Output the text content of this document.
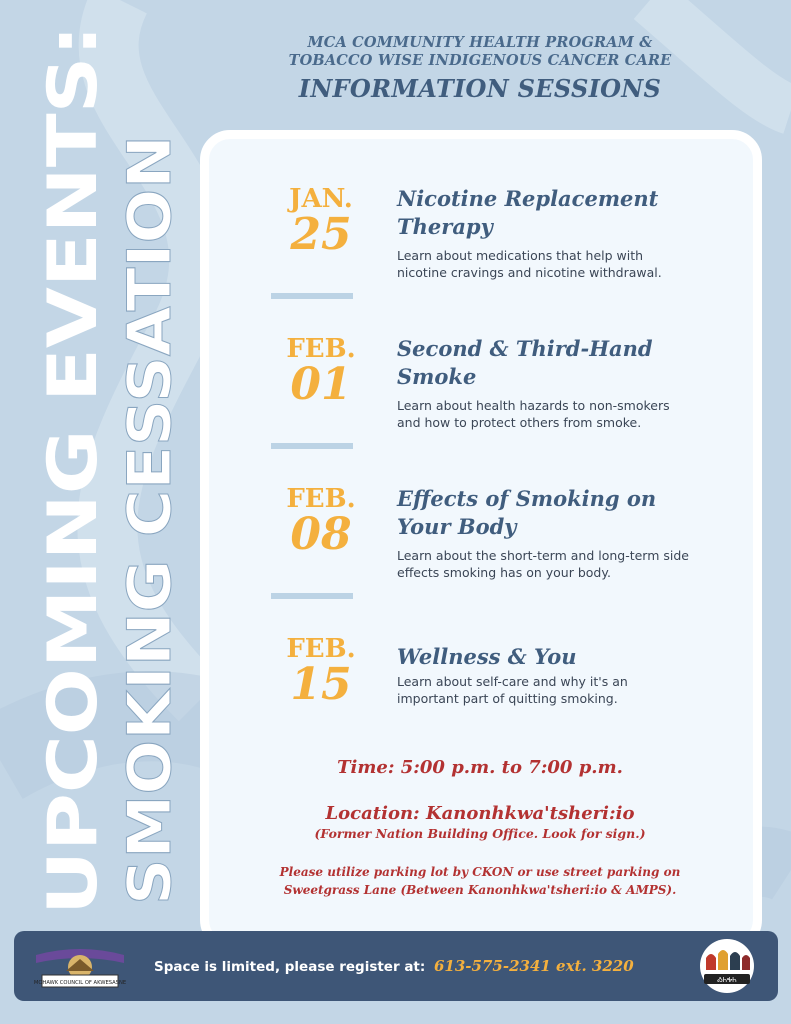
UPCOMING EVENTS: SMOKING CESSATION
MCA COMMUNITY HEALTH PROGRAM &
TOBACCO WISE INDIGENOUS CANCER CARE
INFORMATION SESSIONS
JAN.
25
Nicotine Replacement
Therapy
Learn about medications that help with
nicotine cravings and nicotine withdrawal.
FEB.
01
Second & Third-Hand
Smoke
Learn about health hazards to non-smokers
and how to protect others from smoke.
FEB.
08
Effects of Smoking on
Your Body
Learn about the short-term and long-term side
effects smoking has on your body.
FEB.
15
Wellness & You
Learn about self-care and why it's an
important part of quitting smoking.
Time: 5:00 p.m. to 7:00 p.m.
Location: Kanonhkwa'tsheri:io
(Former Nation Building Office. Look for sign.)
Please utilize parking lot by CKON or use street parking on
Sweetgrass Lane (Between Kanonhkwa'tsheri:io & AMPS).
MOHAWK COUNCIL OF AKWESASNE
Space is limited, please register at: 613-575-2341 ext. 3220
ᎣᏂᎭᏂ
